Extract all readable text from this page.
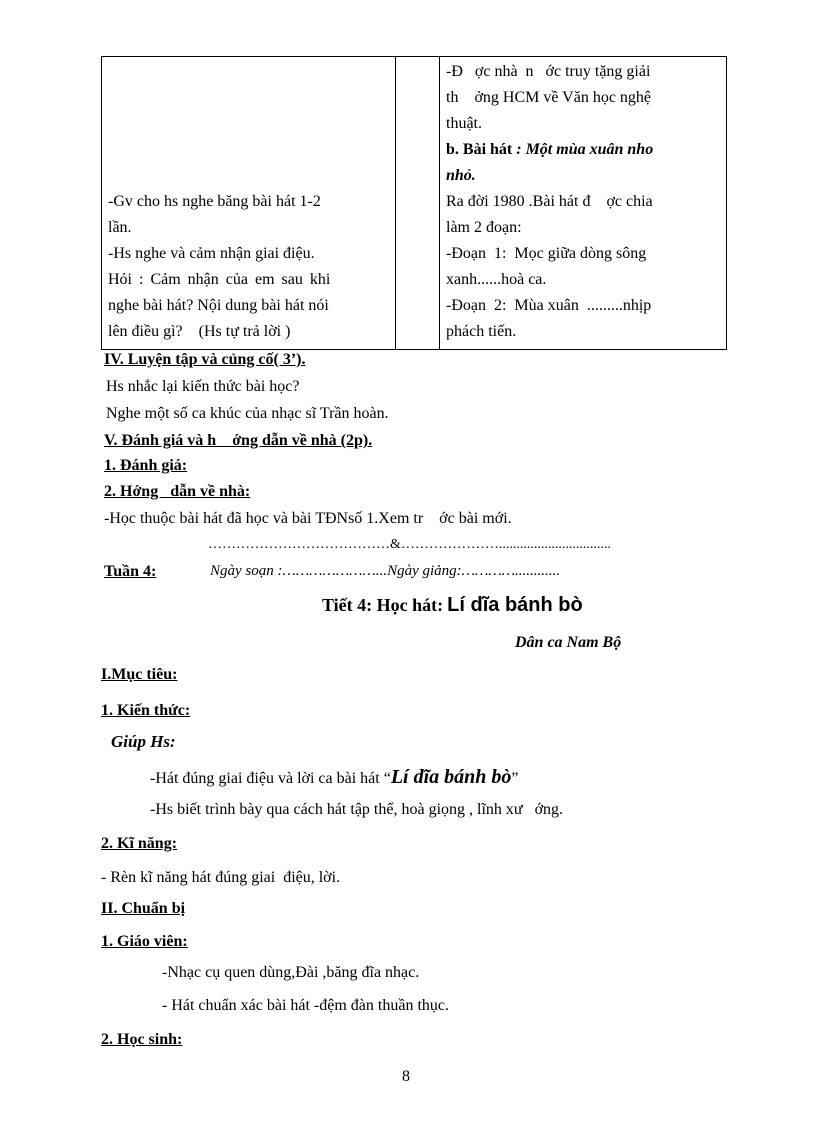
-Gv cho hs nghe băng bài hát 1-2
lần.
-Hs nghe và cảm nhận giai điệu.
Hỏi : Cảm nhận của em sau khi
nghe bài hát? Nội dung bài hát nói
lên điều gì?    (Hs tự trả lời )

-Đ   ợc nhà  n   ớc truy tặng giải
th    ởng HCM về Văn học nghệ
thuật.
b. Bài hát : Một mùa xuân nho
nhỏ.
Ra đời 1980 .Bài hát đ    ợc chia
làm 2 đoạn:
-Đoạn  1:  Mọc giữa dòng sông
xanh......hoà ca.
-Đoạn  2:  Mùa xuân  .........nhịp
phách tiến.
IV. Luyện tập và củng cố( 3’).
Hs nhắc lại kiến thức bài học?
Nghe một số ca khúc của nhạc sĩ Trần hoàn.
V. Đánh giá và h    ớng dẫn về nhà (2p).
1. Đánh giá:
2. Hớng   dẫn về nhà:
-Học thuộc bài hát đã học và bài TĐNsố 1.Xem tr    ớc bài mới.
…………………………………&…………………................................
Tuần 4:	Ngày soạn :…………………...Ngày giảng:…………............
Tiết 4: Học hát: Lí dĩa bánh bò
Dân ca Nam Bộ
I.Mục tiêu:
1. Kiến thức:
Giúp Hs:
-Hát đúng giai điệu và lời ca bài hát “Lí dĩa bánh bò”
-Hs biết trình bày qua cách hát tập thể, hoà giọng , lĩnh xư   ớng.
2. Kĩ năng:
- Rèn kĩ năng hát đúng giai  điệu, lời.
II. Chuẩn bị
1. Giáo viên:
-Nhạc cụ quen dùng,Đài ,băng đĩa nhạc.
- Hát chuẩn xác bài hát -đệm đàn thuần thục.
2. Học sinh:
8
